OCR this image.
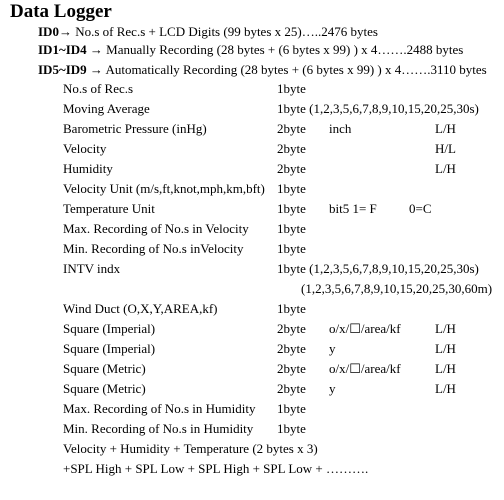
Data Logger
ID0→ No.s of Rec.s + LCD Digits (99 bytes x 25)…..2476 bytes
ID1~ID4 → Manually Recording (28 bytes + (6 bytes x 99) ) x 4…….2488 bytes
ID5~ID9 → Automatically Recording (28 bytes + (6 bytes x 99) ) x 4…….3110 bytes
No.s of Rec.s	1byte
Moving Average	1byte (1,2,3,5,6,7,8,9,10,15,20,25,30s)
Barometric Pressure (inHg)	2byte inch	L/H
Velocity	2byte	H/L
Humidity	2byte	L/H
Velocity Unit (m/s,ft,knot,mph,km,bft) 1byte
Temperature Unit	1byte bit5 1= F 0=C
Max. Recording of No.s in Velocity 1byte
Min. Recording of No.s inVelocity	1byte
INTV indx	1byte (1,2,3,5,6,7,8,9,10,15,20,25,30s)
(1,2,3,5,6,7,8,9,10,15,20,25,30,60m)
Wind Duct (O,X,Y,AREA,kf)	1byte
Square (Imperial)	2byte o/x/☐/area/kf	L/H
Square (Imperial)	2byte y	L/H
Square (Metric)	2byte o/x/☐/area/kf	L/H
Square (Metric)	2byte y	L/H
Max. Recording of No.s in Humidity 1byte
Min. Recording of No.s in Humidity 1byte
Velocity + Humidity + Temperature (2 bytes x 3)
+SPL High + SPL Low + SPL High + SPL Low + ……….
